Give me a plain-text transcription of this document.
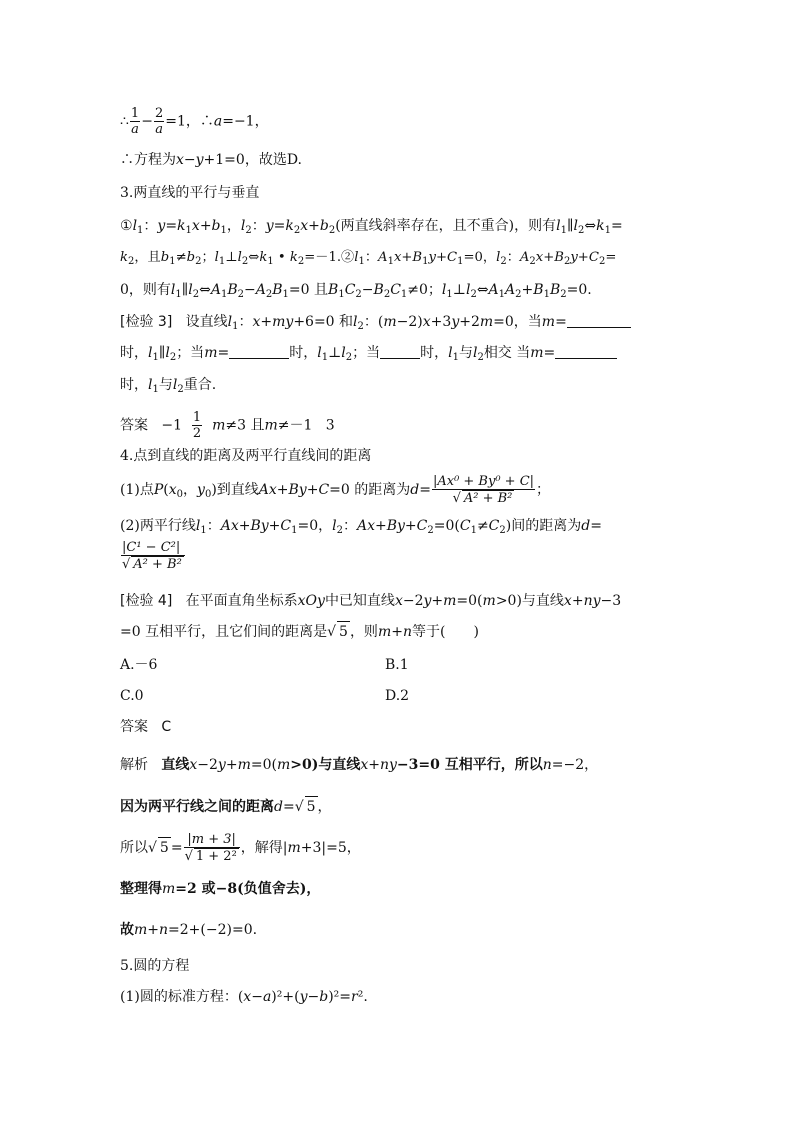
∴ $\frac{1}{a} - \frac{2}{a} =1$，∴a=−1，
∴方程为x−y+1=0，故选D.
3.两直线的平行与垂直
$①l_1$：$y=k_1x+b_1$，$l_2$：$y=k_2x+b_2$(两直线斜率存在，且不重合)，则有$l_1\parallel l_2\Leftrightarrow k_1=$
$k_2$，且$b_1\ne b_2$；$l_1\perp l_2\Leftrightarrow k_1$ • $k_2=-1.②l_1$：$A_1x+B_1y+C_1=0$，$l_2$：$A_2x+B_2y+C_2=$
0，则有$l_1\parallel l_2\Leftrightarrow A_1B_2-A_2B_1=0$ 且$B_1C_2-B_2C_1\ne 0$；$l_1\perp l_2\Leftrightarrow A_1A_2+B_1B_2=0$.
[检验 3] 设直线$l_1$：x+my+6=0 和$l_2$：(m−2)x+3y+2m=0，当m=
时，$l_1\parallel l_2$；当m=	时，$l_1\perp l_2$；当	时，$l_1$与$l_2$相交 当m=
时，$l_1$与$l_2$重合.
答案 $-1 \frac{1}{2} m\ne 3$ 且m≠－1 3
4.点到直线的距离及两平行直线间的距离
(1)点$P(x_0$，$y_0$)到直线Ax+By+C=0 的距离为$d= \frac{\text{|Ax⁰ + By⁰ + C|}}{\text{√ A² + B²}}$ ；
(2)两平行线$l_1$：$Ax+By+C_1=0$，$l_2$：$Ax+By+C_2=0(C_1\ne C_2)$间的距离为d=
$\frac{\text{|C¹ − C²|}}{\text{√ A² + B²}}$
[检验 4] 在平面直角坐标系xOy中已知直线x−2y+m=0(m>0)与直线x+ny−3
=0 互相平行，且它们间的距离是√ 5 ，则m+n等于(　　)
A.－6	B.1
C.0	D.2
答案 C
解析 直线x−2y+m=0(m>0)与直线x+ny−3=0 互相平行，所以n=−2，
因为两平行线之间的距离d=√ 5 ，
所以√ $5 = \frac{|m + 3|}{\text{√ 1 + 2²}}$ ，解得|m+3|=5，
整理得m=2 或−8(负值舍去)，
故m+n=2+(−2)=0.
5.圆的方程
(1)圆的标准方程：(x−a)²+(y−b)²=r².
